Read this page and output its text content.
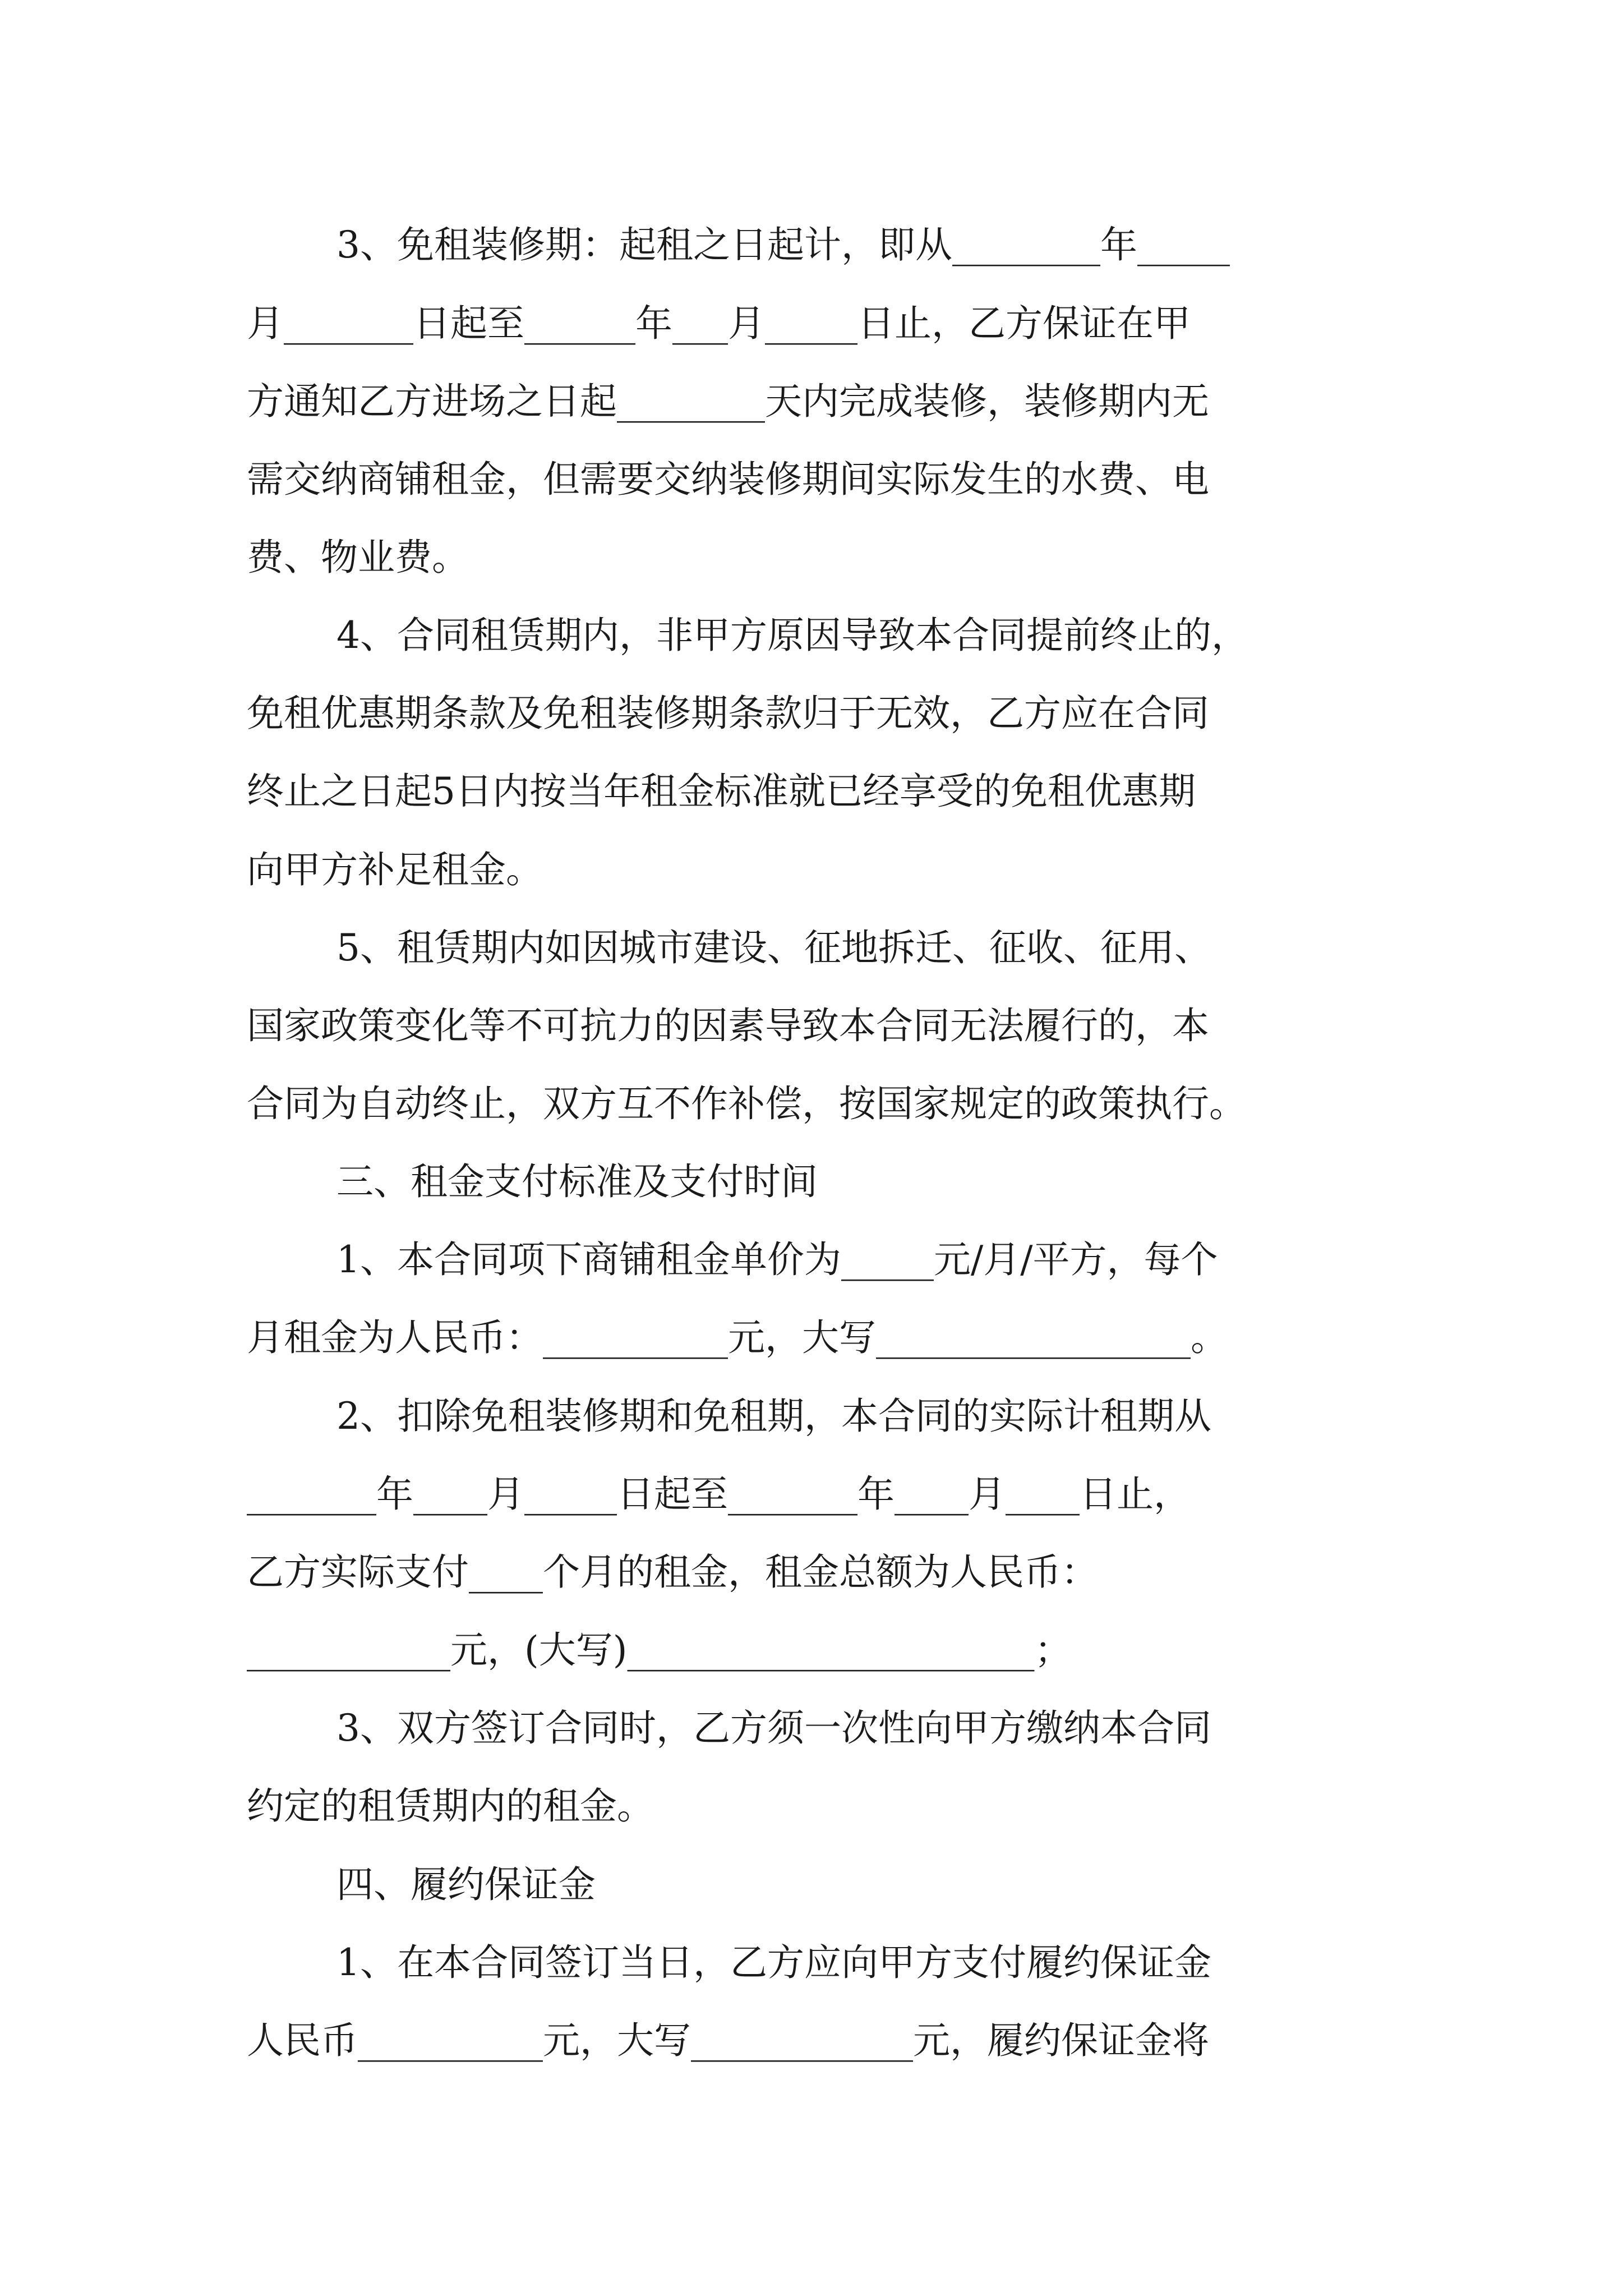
3、免租装修期：起租之日起计，即从________年_____

月_______日起至______年___月_____日止，乙方保证在甲

方通知乙方进场之日起________天内完成装修，装修期内无

需交纳商铺租金，但需要交纳装修期间实际发生的水费、电

费、物业费。

4、合同租赁期内，非甲方原因导致本合同提前终止的，

免租优惠期条款及免租装修期条款归于无效，乙方应在合同

终止之日起5日内按当年租金标准就已经享受的免租优惠期

向甲方补足租金。

5、租赁期内如因城市建设、征地拆迁、征收、征用、

国家政策变化等不可抗力的因素导致本合同无法履行的，本

合同为自动终止，双方互不作补偿，按国家规定的政策执行。

三、租金支付标准及支付时间

1、本合同项下商铺租金单价为_____元/月/平方，每个

月租金为人民币：__________元，大写_________________。

2、扣除免租装修期和免租期，本合同的实际计租期从

_______年____月_____日起至_______年____月____日止，

乙方实际支付____个月的租金，租金总额为人民币：

___________元，(大写)______________________；

3、双方签订合同时，乙方须一次性向甲方缴纳本合同

约定的租赁期内的租金。

四、履约保证金

1、在本合同签订当日，乙方应向甲方支付履约保证金

人民币__________元，大写____________元，履约保证金将
